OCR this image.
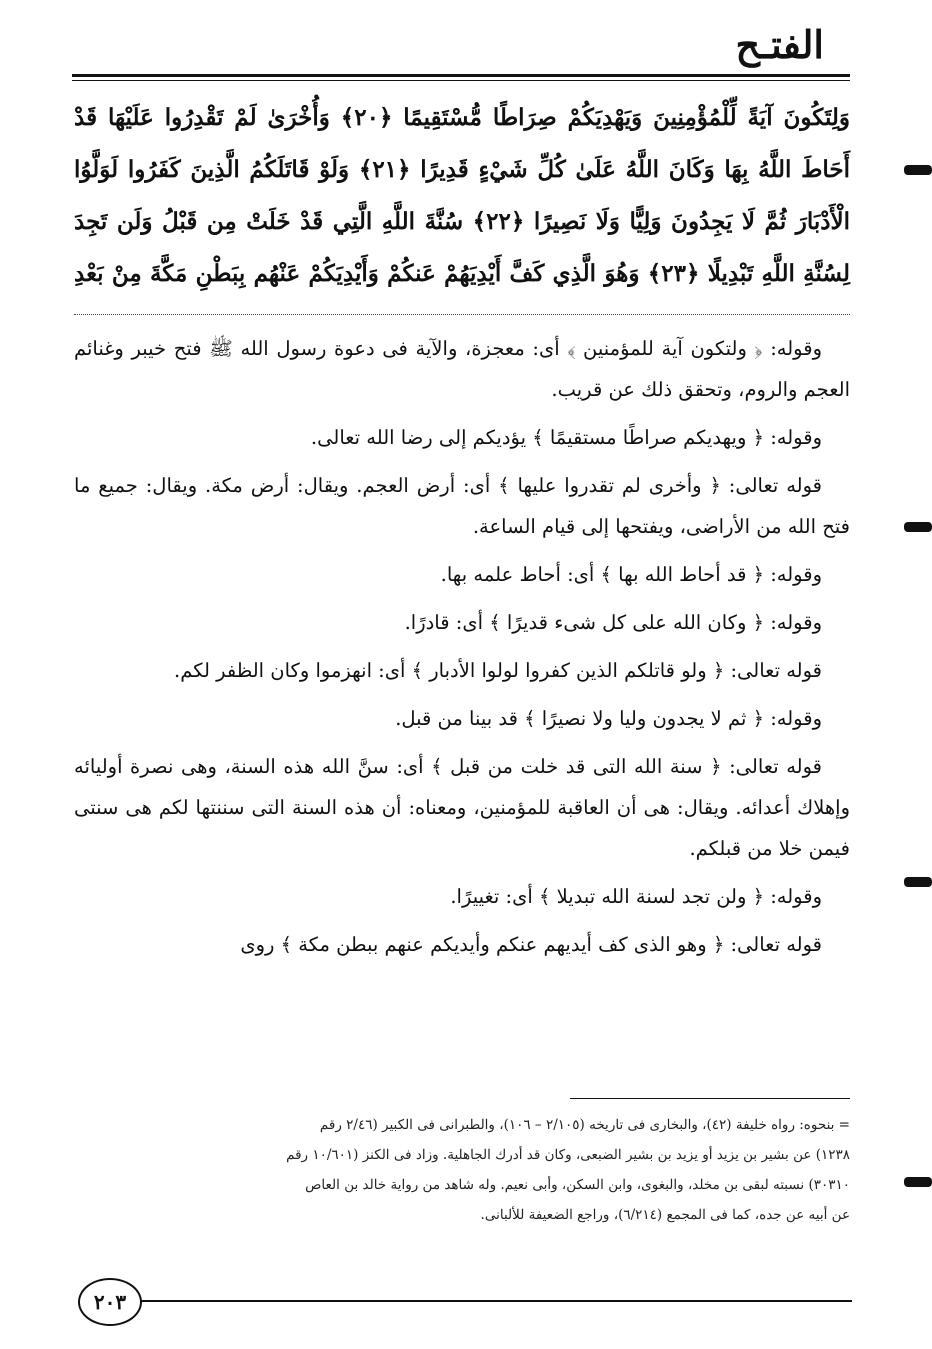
الفتـح
وَلِتَكُونَ آيَةً لِّلْمُؤْمِنِينَ وَيَهْدِيَكُمْ صِرَاطًا مُّسْتَقِيمًا ﴿٢٠﴾ وَأُخْرَىٰ لَمْ تَقْدِرُوا عَلَيْهَا قَدْ
أَحَاطَ اللَّهُ بِهَا وَكَانَ اللَّهُ عَلَىٰ كُلِّ شَيْءٍ قَدِيرًا ﴿٢١﴾ وَلَوْ قَاتَلَكُمُ الَّذِينَ كَفَرُوا لَوَلَّوُا
الْأَدْبَارَ ثُمَّ لَا يَجِدُونَ وَلِيًّا وَلَا نَصِيرًا ﴿٢٢﴾ سُنَّةَ اللَّهِ الَّتِي قَدْ خَلَتْ مِن قَبْلُ وَلَن تَجِدَ
لِسُنَّةِ اللَّهِ تَبْدِيلًا ﴿٢٣﴾ وَهُوَ الَّذِي كَفَّ أَيْدِيَهُمْ عَنكُمْ وَأَيْدِيَكُمْ عَنْهُم بِبَطْنِ مَكَّةَ مِنْ بَعْدِ

وقوله: ﴿ ولتكون آية للمؤمنين ﴾ أى: معجزة، والآية فى دعوة رسول الله ﷺ فتح خيبر وغنائم العجم والروم، وتحقق ذلك عن قريب.

وقوله: ﴿ ويهديكم صراطًا مستقيمًا ﴾ يؤديكم إلى رضا الله تعالى.

قوله تعالى: ﴿ وأخرى لم تقدروا عليها ﴾ أى: أرض العجم. ويقال: أرض مكة. ويقال: جميع ما فتح الله من الأراضى، ويفتحها إلى قيام الساعة.

وقوله: ﴿ قد أحاط الله بها ﴾ أى: أحاط علمه بها.

وقوله: ﴿ وكان الله على كل شىء قديرًا ﴾ أى: قادرًا.

قوله تعالى: ﴿ ولو قاتلكم الذين كفروا لولوا الأدبار ﴾ أى: انهزموا وكان الظفر لكم.

وقوله: ﴿ ثم لا يجدون وليا ولا نصيرًا ﴾ قد بينا من قبل.

قوله تعالى: ﴿ سنة الله التى قد خلت من قبل ﴾ أى: سنَّ الله هذه السنة، وهى نصرة أوليائه وإهلاك أعدائه. ويقال: هى أن العاقبة للمؤمنين، ومعناه: أن هذه السنة التى سننتها لكم هى سنتى فيمن خلا من قبلكم.

وقوله: ﴿ ولن تجد لسنة الله تبديلا ﴾ أى: تغييرًا.

قوله تعالى: ﴿ وهو الذى كف أيديهم عنكم وأيديكم عنهم ببطن مكة ﴾ روى

= بنحوه: رواه خليفة (٤٢)، والبخارى فى تاريخه (٢/١٠٥ – ١٠٦)، والطبرانى فى الكبير (٢/٤٦ رقم

١٢٣٨) عن بشير بن يزيد أو يزيد بن بشير الضبعى، وكان قد أدرك الجاهلية. وزاد فى الكنز (١٠/٦٠١ رقم

٣٠٣١٠) نسبته لبقى بن مخلد، والبغوى، وابن السكن، وأبى نعيم. وله شاهد من رواية خالد بن العاص

عن أبيه عن جده، كما فى المجمع (٦/٢١٤)، وراجع الضعيفة للألبانى.

٢٠٣
